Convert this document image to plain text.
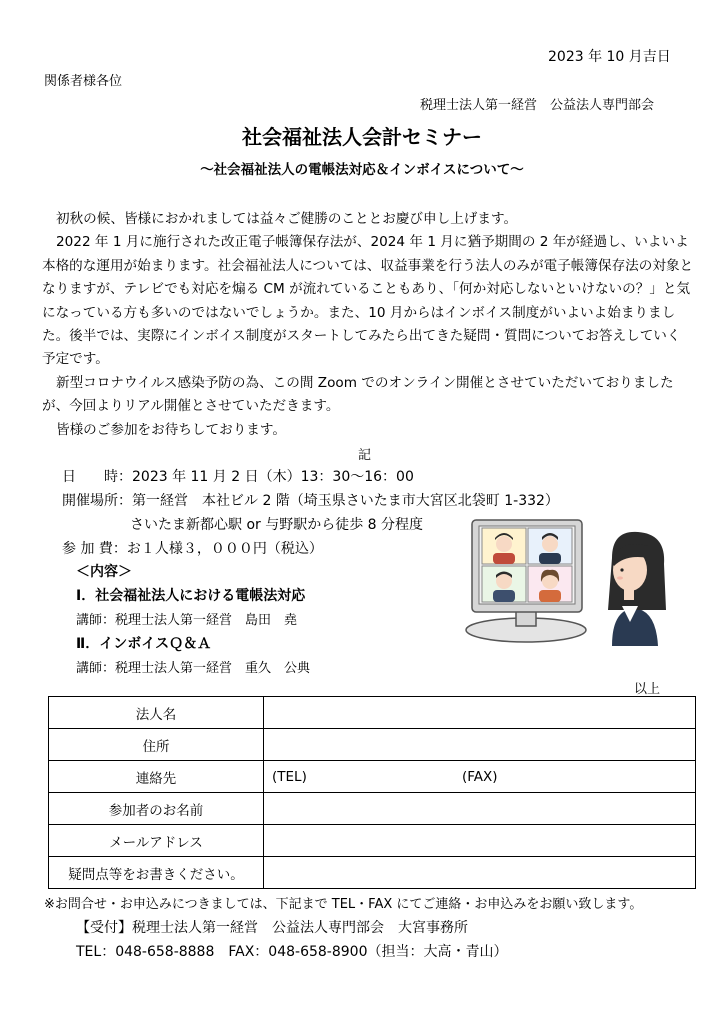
2023 年 10 月吉日
関係者様各位
税理士法人第一経営　公益法人専門部会
社会福祉法人会計セミナー
～社会福祉法人の電帳法対応＆インボイスについて～

初秋の候、皆様におかれましては益々ご健勝のこととお慶び申し上げます。

2022 年 1 月に施行された改正電子帳簿保存法が、2024 年 1 月に猶予期間の 2 年が経過し、いよいよ本格的な運用が始まります。社会福祉法人については、収益事業を行う法人のみが電子帳簿保存法の対象となりますが、テレビでも対応を煽る CM が流れていることもあり、「何か対応しないといけないの？」と気になっている方も多いのではないでしょうか。また、10 月からはインボイス制度がいよいよ始まりました。後半では、実際にインボイス制度がスタートしてみたら出てきた疑問・質問についてお答えしていく予定です。

新型コロナウイルス感染予防の為、この間 Zoom でのオンライン開催とさせていただいておりましたが、今回よりリアル開催とさせていただきます。

皆様のご参加をお待ちしております。

記
日　　時：2023 年 11 月 2 日（木）13：30～16：00
開催場所：第一経営　本社ビル 2 階（埼玉県さいたま市大宮区北袋町 1-332）
さいたま新都心駅 or 与野駅から徒歩 8 分程度
参 加 費：お１人様３，０００円（税込）
＜内容＞
Ⅰ．社会福祉法人における電帳法対応
講師：税理士法人第一経営　島田　堯
Ⅱ．インボイスＱ＆Ａ
講師：税理士法人第一経営　重久　公典
以上
法人名	
住所	
連絡先	(TEL) (FAX)

参加者のお名前	
メールアドレス	
疑問点等をお書きください。	
※お問合せ・お申込みにつきましては、下記まで TEL・FAX にてご連絡・お申込みをお願い致します。
【受付】税理士法人第一経営　公益法人専門部会　大宮事務所
TEL：048-658-8888　FAX：048-658-8900（担当：大高・青山）
